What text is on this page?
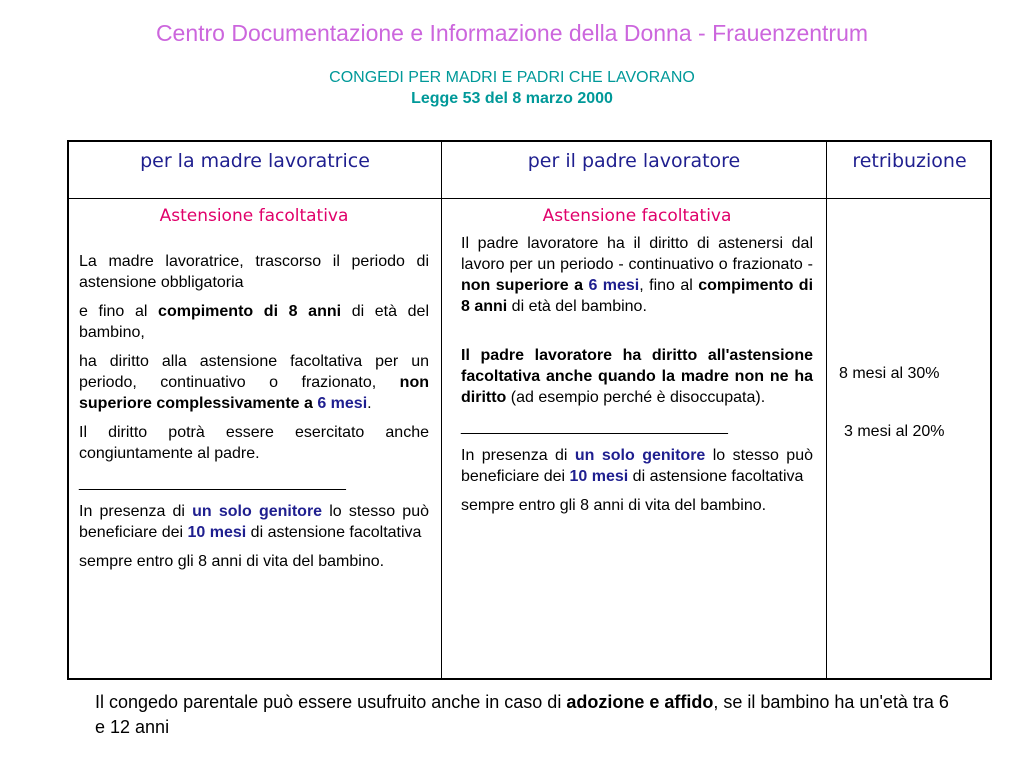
Centro Documentazione e Informazione della Donna - Frauenzentrum
CONGEDI PER MADRI E PADRI CHE LAVORANO
Legge 53 del 8 marzo 2000
per la madre lavoratrice	per il padre lavoratore	retribuzione

Astensione facoltativa

La madre lavoratrice, trascorso il periodo di astensione obbligatoria

e fino al compimento di 8 anni di età del bambino,

ha diritto alla astensione facoltativa per un periodo, continuativo o frazionato, non superiore complessivamente a 6 mesi.

Il diritto potrà essere esercitato anche congiuntamente al padre.

______________________________

In presenza di un solo genitore lo stesso può beneficiare dei 10 mesi di astensione facoltativa

sempre entro gli 8 anni di vita del bambino.

Astensione facoltativa

Il padre lavoratore ha il diritto di astenersi dal lavoro per un periodo - continuativo o frazionato - non superiore a 6 mesi, fino al compimento di 8 anni di età del bambino.

Il padre lavoratore ha diritto all'astensione facoltativa anche quando la madre non ne ha diritto (ad esempio perché è disoccupata).

______________________________

In presenza di un solo genitore lo stesso può beneficiare dei 10 mesi di astensione facoltativa

sempre entro gli 8 anni di vita del bambino.

8 mesi al 30%
3 mesi al 20%
Il congedo parentale può essere usufruito anche in caso di adozione e affido, se il bambino ha un'età tra 6 e 12 anni
